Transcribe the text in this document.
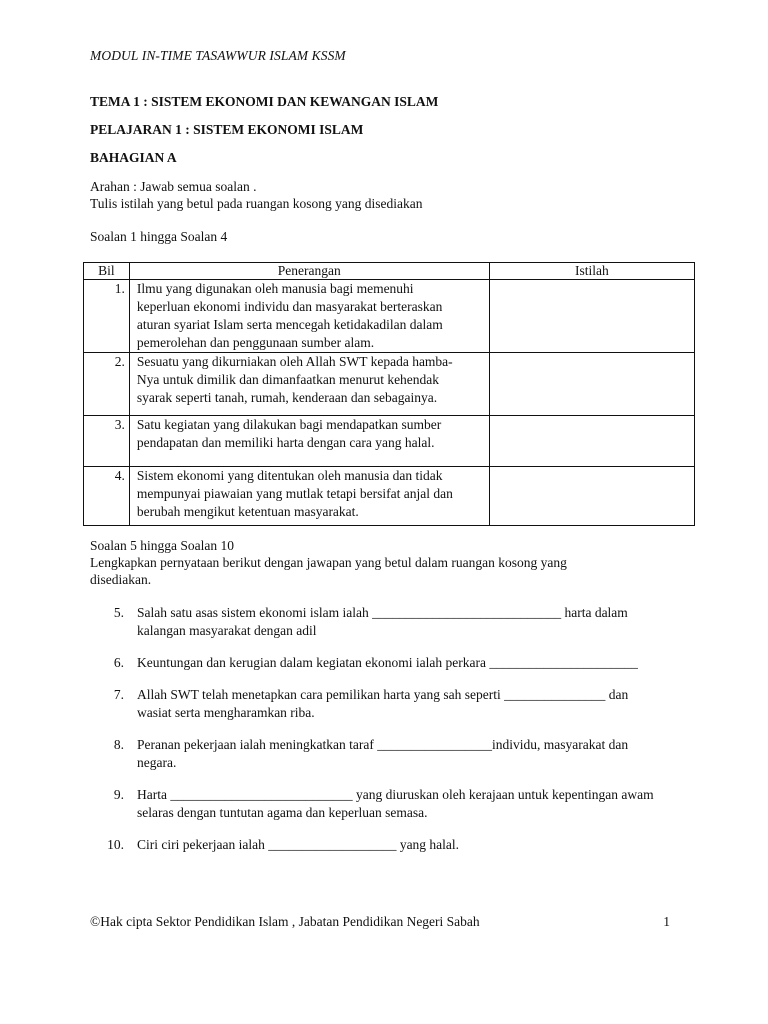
MODUL IN-TIME TASAWWUR ISLAM KSSM
TEMA 1 : SISTEM EKONOMI DAN KEWANGAN ISLAM
PELAJARAN 1 : SISTEM EKONOMI ISLAM
BAHAGIAN A
Arahan : Jawab semua soalan .
Tulis istilah yang betul pada ruangan kosong yang disediakan
Soalan 1 hingga Soalan 4
Bil	Penerangan	Istilah
1.	Ilmu yang digunakan oleh manusia bagi memenuhi
keperluan ekonomi individu dan masyarakat berteraskan
aturan syariat Islam serta mencegah ketidakadilan dalam
pemerolehan dan penggunaan sumber alam.	

2.	Sesuatu yang dikurniakan oleh Allah SWT kepada hamba-
Nya untuk dimilik dan dimanfaatkan menurut kehendak
syarak seperti tanah, rumah, kenderaan dan sebagainya.	

3.	Satu kegiatan yang dilakukan bagi mendapatkan sumber
pendapatan dan memiliki harta dengan cara yang halal.	

4.	Sistem ekonomi yang ditentukan oleh manusia dan tidak
mempunyai piawaian yang mutlak tetapi bersifat anjal dan
berubah mengikut ketentuan masyarakat.	

Soalan 5 hingga Soalan 10
Lengkapkan pernyataan berikut dengan jawapan yang betul dalam ruangan kosong yang
disediakan.
5. Salah satu asas sistem ekonomi islam ialah ____________________________ harta dalam
kalangan masyarakat dengan adil
6. Keuntungan dan kerugian dalam kegiatan ekonomi ialah perkara ______________________
7. Allah SWT telah menetapkan cara pemilikan harta yang sah seperti _______________ dan
wasiat serta mengharamkan riba.
8. Peranan pekerjaan ialah meningkatkan taraf _________________individu, masyarakat dan
negara.
9. Harta ___________________________ yang diuruskan oleh kerajaan untuk kepentingan awam
selaras dengan tuntutan agama dan keperluan semasa.
10. Ciri ciri pekerjaan ialah ___________________ yang halal.
©Hak cipta Sektor Pendidikan Islam , Jabatan Pendidikan Negeri Sabah	1
